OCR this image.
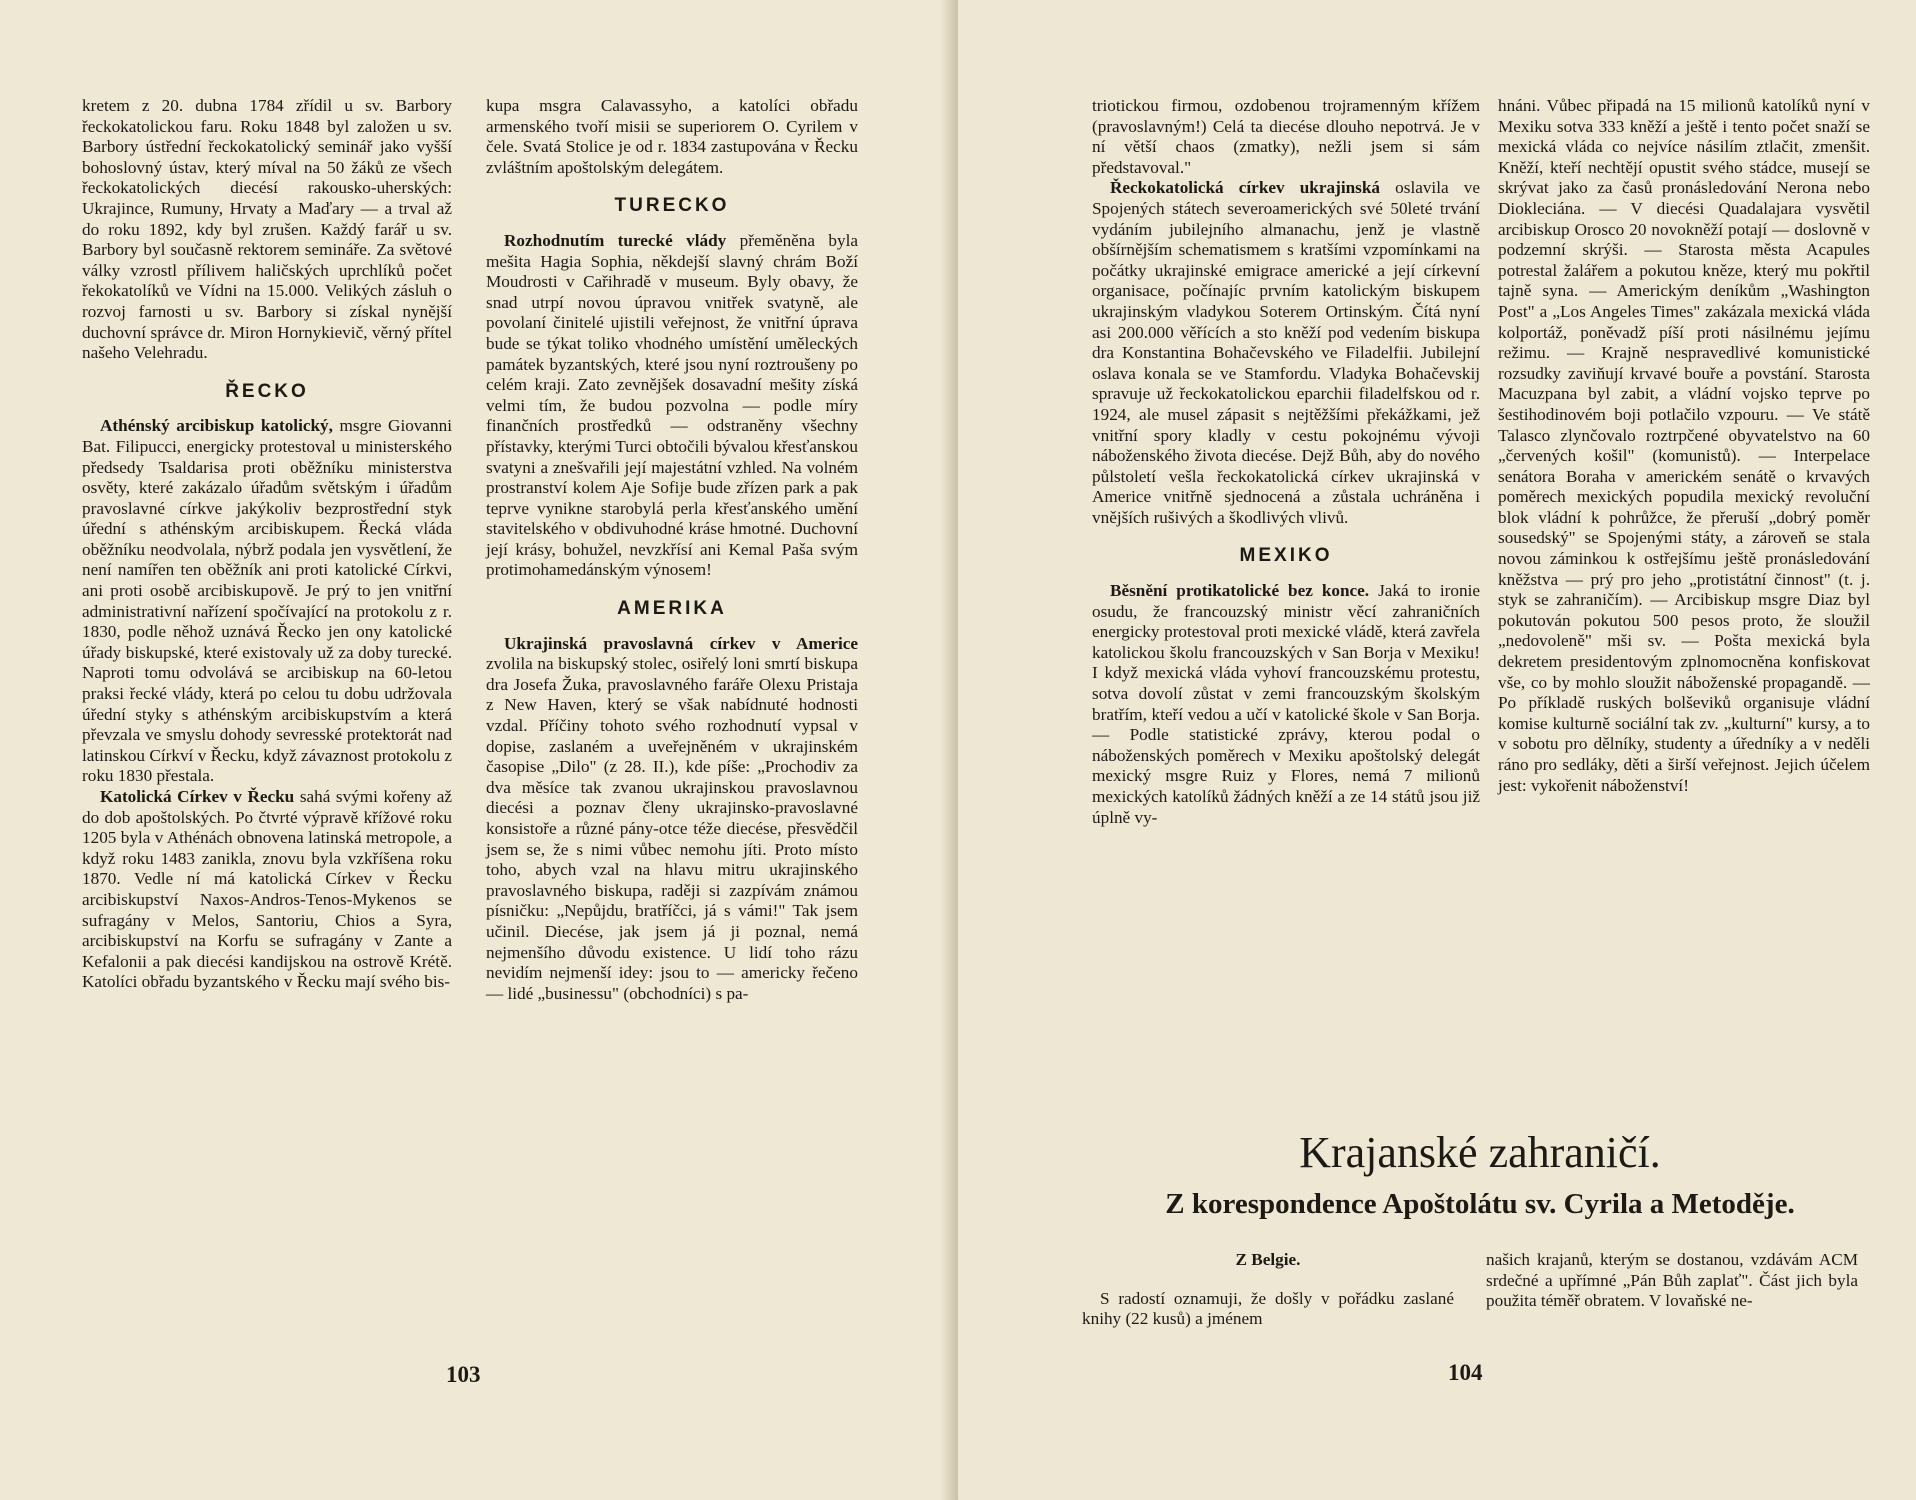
kretem z 20. dubna 1784 zřídil u sv. Barbory řeckokatolickou faru. Roku 1848 byl založen u sv. Barbory ústřední řeckokatolický seminář jako vyšší bohoslovný ústav, který míval na 50 žáků ze všech řeckokatolických diecésí rakousko-uherských: Ukrajince, Rumuny, Hrvaty a Maďary — a trval až do roku 1892, kdy byl zrušen. Každý farář u sv. Barbory byl současně rektorem semináře. Za světové války vzrostl přílivem haličských uprchlíků počet řekokatolíků ve Vídni na 15.000. Velikých zásluh o rozvoj farnosti u sv. Barbory si získal nynější duchovní správce dr. Miron Hornykievič, věrný přítel našeho Velehradu.

ŘECKO

Athénský arcibiskup katolický, msgre Giovanni Bat. Filipucci, energicky protestoval u ministerského předsedy Tsaldarisa proti oběžníku ministerstva osvěty, které zakázalo úřadům světským i úřadům pravoslavné církve jakýkoliv bezprostřední styk úřední s athénským arcibiskupem. Řecká vláda oběžníku neodvolala, nýbrž podala jen vysvětlení, že není namířen ten oběžník ani proti katolické Církvi, ani proti osobě arcibiskupově. Je prý to jen vnitřní administrativní nařízení spočívající na protokolu z r. 1830, podle něhož uznává Řecko jen ony katolické úřady biskupské, které existovaly už za doby turecké. Naproti tomu odvolává se arcibiskup na 60-letou praksi řecké vlády, která po celou tu dobu udržovala úřední styky s athénským arcibiskupstvím a která převzala ve smyslu dohody sevresské protektorát nad latinskou Církví v Řecku, když závaznost protokolu z roku 1830 přestala.

Katolická Církev v Řecku sahá svými kořeny až do dob apoštolských. Po čtvrté výpravě křížové roku 1205 byla v Athénách obnovena latinská metropole, a když roku 1483 zanikla, znovu byla vzkříšena roku 1870. Vedle ní má katolická Církev v Řecku arcibiskupství Naxos-Andros-Tenos-Mykenos se sufragány v Melos, Santoriu, Chios a Syra, arcibiskupství na Korfu se sufragány v Zante a Kefalonii a pak diecési kandijskou na ostrově Krétě. Katolíci obřadu byzantského v Řecku mají svého bis-

kupa msgra Calavassyho, a katolíci obřadu armenského tvoří misii se superiorem O. Cyrilem v čele. Svatá Stolice je od r. 1834 zastupována v Řecku zvláštním apoštolským delegátem.

TURECKO

Rozhodnutím turecké vlády přeměněna byla mešita Hagia Sophia, někdejší slavný chrám Boží Moudrosti v Cařihradě v museum. Byly obavy, že snad utrpí novou úpravou vnitřek svatyně, ale povolaní činitelé ujistili veřejnost, že vnitřní úprava bude se týkat toliko vhodného umístění uměleckých památek byzantských, které jsou nyní roztroušeny po celém kraji. Zato zevnějšek dosavadní mešity získá velmi tím, že budou pozvolna — podle míry finančních prostředků — odstraněny všechny přístavky, kterými Turci obtočili bývalou křesťanskou svatyni a znešvařili její majestátní vzhled. Na volném prostranství kolem Aje Sofije bude zřízen park a pak teprve vynikne starobylá perla křesťanského umění stavitelského v obdivuhodné kráse hmotné. Duchovní její krásy, bohužel, nevzkřísí ani Kemal Paša svým protimohamedánským výnosem!

AMERIKA

Ukrajinská pravoslavná církev v Americe zvolila na biskupský stolec, osiřelý loni smrtí biskupa dra Josefa Žuka, pravoslavného faráře Olexu Pristaja z New Haven, který se však nabídnuté hodnosti vzdal. Příčiny tohoto svého rozhodnutí vypsal v dopise, zaslaném a uveřejněném v ukrajinském časopise „Dilo" (z 28. II.), kde píše: „Prochodiv za dva měsíce tak zvanou ukrajinskou pravoslavnou diecési a poznav členy ukrajinsko-pravoslavné konsistoře a různé pány-otce téže diecése, přesvědčil jsem se, že s nimi vůbec nemohu jíti. Proto místo toho, abych vzal na hlavu mitru ukrajinského pravoslavného biskupa, raději si zazpívám známou písničku: „Nepůjdu, bratříčci, já s vámi!" Tak jsem učinil. Diecése, jak jsem já ji poznal, nemá nejmenšího důvodu existence. U lidí toho rázu nevidím nejmenší idey: jsou to — americky řečeno — lidé „businessu" (obchodníci) s pa-

103

triotickou firmou, ozdobenou trojramenným křížem (pravoslavným!) Celá ta diecése dlouho nepotrvá. Je v ní větší chaos (zmatky), nežli jsem si sám představoval."

Řeckokatolická církev ukrajinská oslavila ve Spojených státech severoamerických své 50leté trvání vydáním jubilejního almanachu, jenž je vlastně obšírnějším schematismem s kratšími vzpomínkami na počátky ukrajinské emigrace americké a její církevní organisace, počínajíc prvním katolickým biskupem ukrajinským vladykou Soterem Ortinským. Čítá nyní asi 200.000 věřících a sto kněží pod vedením biskupa dra Konstantina Bohačevského ve Filadelfii. Jubilejní oslava konala se ve Stamfordu. Vladyka Bohačevskij spravuje už řeckokatolickou eparchii filadelfskou od r. 1924, ale musel zápasit s nejtěžšími překážkami, jež vnitřní spory kladly v cestu pokojnému vývoji náboženského života diecése. Dejž Bůh, aby do nového půlstoletí vešla řeckokatolická církev ukrajinská v Americe vnitřně sjednocená a zůstala uchráněna i vnějších rušivých a škodlivých vlivů.

MEXIKO

Běsnění protikatolické bez konce. Jaká to ironie osudu, že francouzský ministr věcí zahraničních energicky protestoval proti mexické vládě, která zavřela katolickou školu francouzských v San Borja v Mexiku! I když mexická vláda vyhoví francouzskému protestu, sotva dovolí zůstat v zemi francouzským školským bratřím, kteří vedou a učí v katolické škole v San Borja. — Podle statistické zprávy, kterou podal o náboženských poměrech v Mexiku apoštolský delegát mexický msgre Ruiz y Flores, nemá 7 milionů mexických katolíků žádných kněží a ze 14 států jsou již úplně vy-

hnáni. Vůbec připadá na 15 milionů katolíků nyní v Mexiku sotva 333 kněží a ještě i tento počet snaží se mexická vláda co nejvíce násilím ztlačit, zmenšit. Kněží, kteří nechtějí opustit svého stádce, musejí se skrývat jako za časů pronásledování Nerona nebo Diokleciána. — V diecési Quadalajara vysvětil arcibiskup Orosco 20 novokněží potají — doslovně v podzemní skrýši. — Starosta města Acapules potrestal žalářem a pokutou kněze, který mu pokřtil tajně syna. — Americkým deníkům „Washington Post" a „Los Angeles Times" zakázala mexická vláda kolportáž, poněvadž píší proti násilnému jejímu režimu. — Krajně nespravedlivé komunistické rozsudky zaviňují krvavé bouře a povstání. Starosta Macuzpana byl zabit, a vládní vojsko teprve po šestihodinovém boji potlačilo vzpouru. — Ve státě Talasco zlynčovalo roztrpčené obyvatelstvo na 60 „červených košil" (komunistů). — Interpelace senátora Boraha v americkém senátě o krvavých poměrech mexických popudila mexický revoluční blok vládní k pohrůžce, že přeruší „dobrý poměr sousedský" se Spojenými státy, a zároveň se stala novou záminkou k ostřejšímu ještě pronásledování kněžstva — prý pro jeho „protistátní činnost" (t. j. styk se zahraničím). — Arcibiskup msgre Diaz byl pokutován pokutou 500 pesos proto, že sloužil „nedovoleně" mši sv. — Pošta mexická byla dekretem presidentovým zplnomocněna konfiskovat vše, co by mohlo sloužit náboženské propagandě. — Po příkladě ruských bolševiků organisuje vládní komise kulturně sociální tak zv. „kulturní" kursy, a to v sobotu pro dělníky, studenty a úředníky a v neděli ráno pro sedláky, děti a širší veřejnost. Jejich účelem jest: vykořenit náboženství!

Krajanské zahraničí.
Z korespondence Apoštolátu sv. Cyrila a Metoděje.
Z Belgie.

S radostí oznamuji, že došly v pořádku zaslané knihy (22 kusů) a jménem

našich krajanů, kterým se dostanou, vzdávám ACM srdečné a upřímné „Pán Bůh zaplať". Část jich byla použita téměř obratem. V lovaňské ne-

104
